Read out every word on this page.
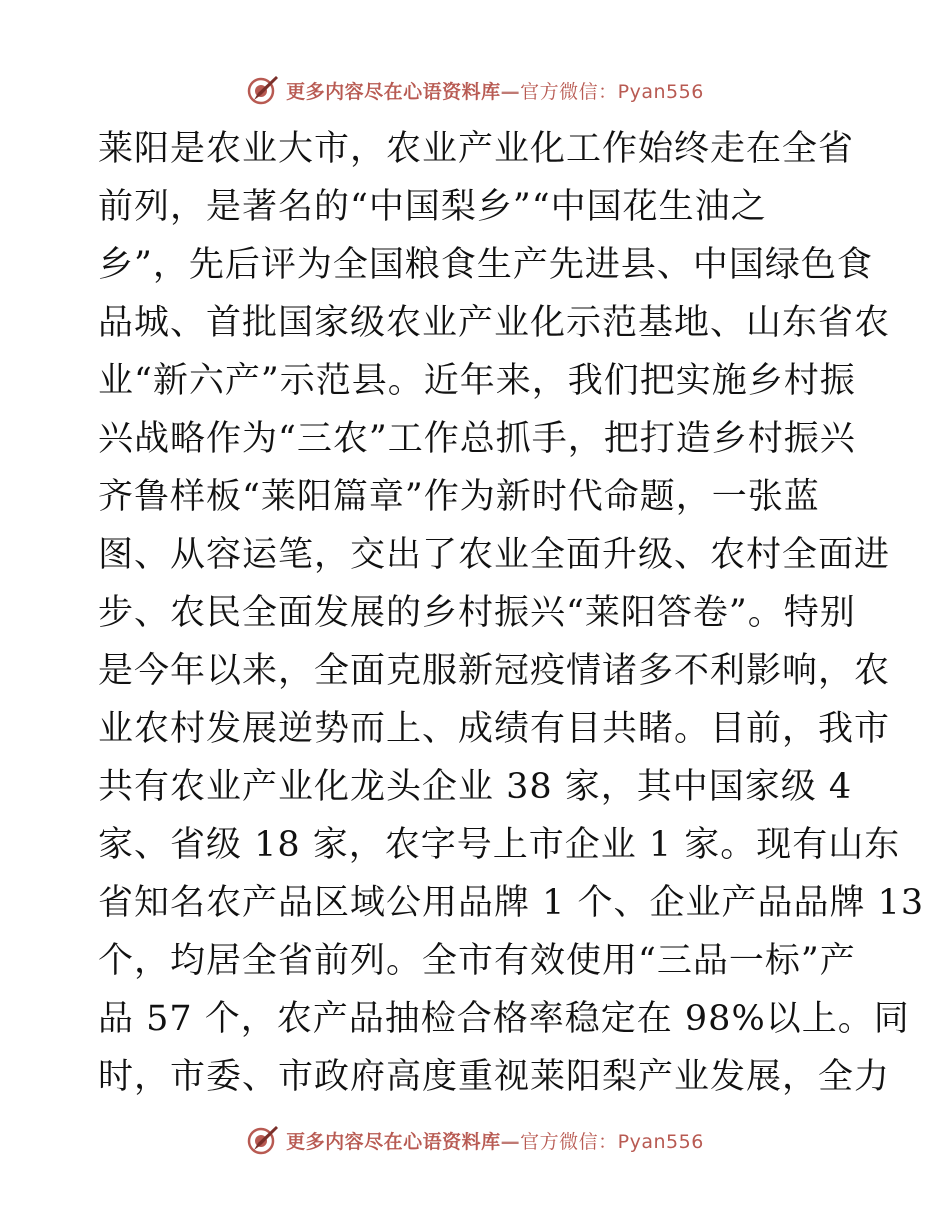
更多内容尽在心语资料库—官方微信：Pyan556
莱阳是农业大市，农业产业化工作始终走在全省
前列，是著名的“中国梨乡”“中国花生油之
乡”，先后评为全国粮食生产先进县、中国绿色食
品城、首批国家级农业产业化示范基地、山东省农
业“新六产”示范县。近年来，我们把实施乡村振
兴战略作为“三农”工作总抓手，把打造乡村振兴
齐鲁样板“莱阳篇章”作为新时代命题，一张蓝
图、从容运笔，交出了农业全面升级、农村全面进
步、农民全面发展的乡村振兴“莱阳答卷”。特别
是今年以来，全面克服新冠疫情诸多不利影响，农
业农村发展逆势而上、成绩有目共睹。目前，我市
共有农业产业化龙头企业 38 家，其中国家级 4
家、省级 18 家，农字号上市企业 1 家。现有山东
省知名农产品区域公用品牌 1 个、企业产品品牌 13
个，均居全省前列。全市有效使用“三品一标”产
品 57 个，农产品抽检合格率稳定在 98%以上。同
时，市委、市政府高度重视莱阳梨产业发展，全力
更多内容尽在心语资料库—官方微信：Pyan556
